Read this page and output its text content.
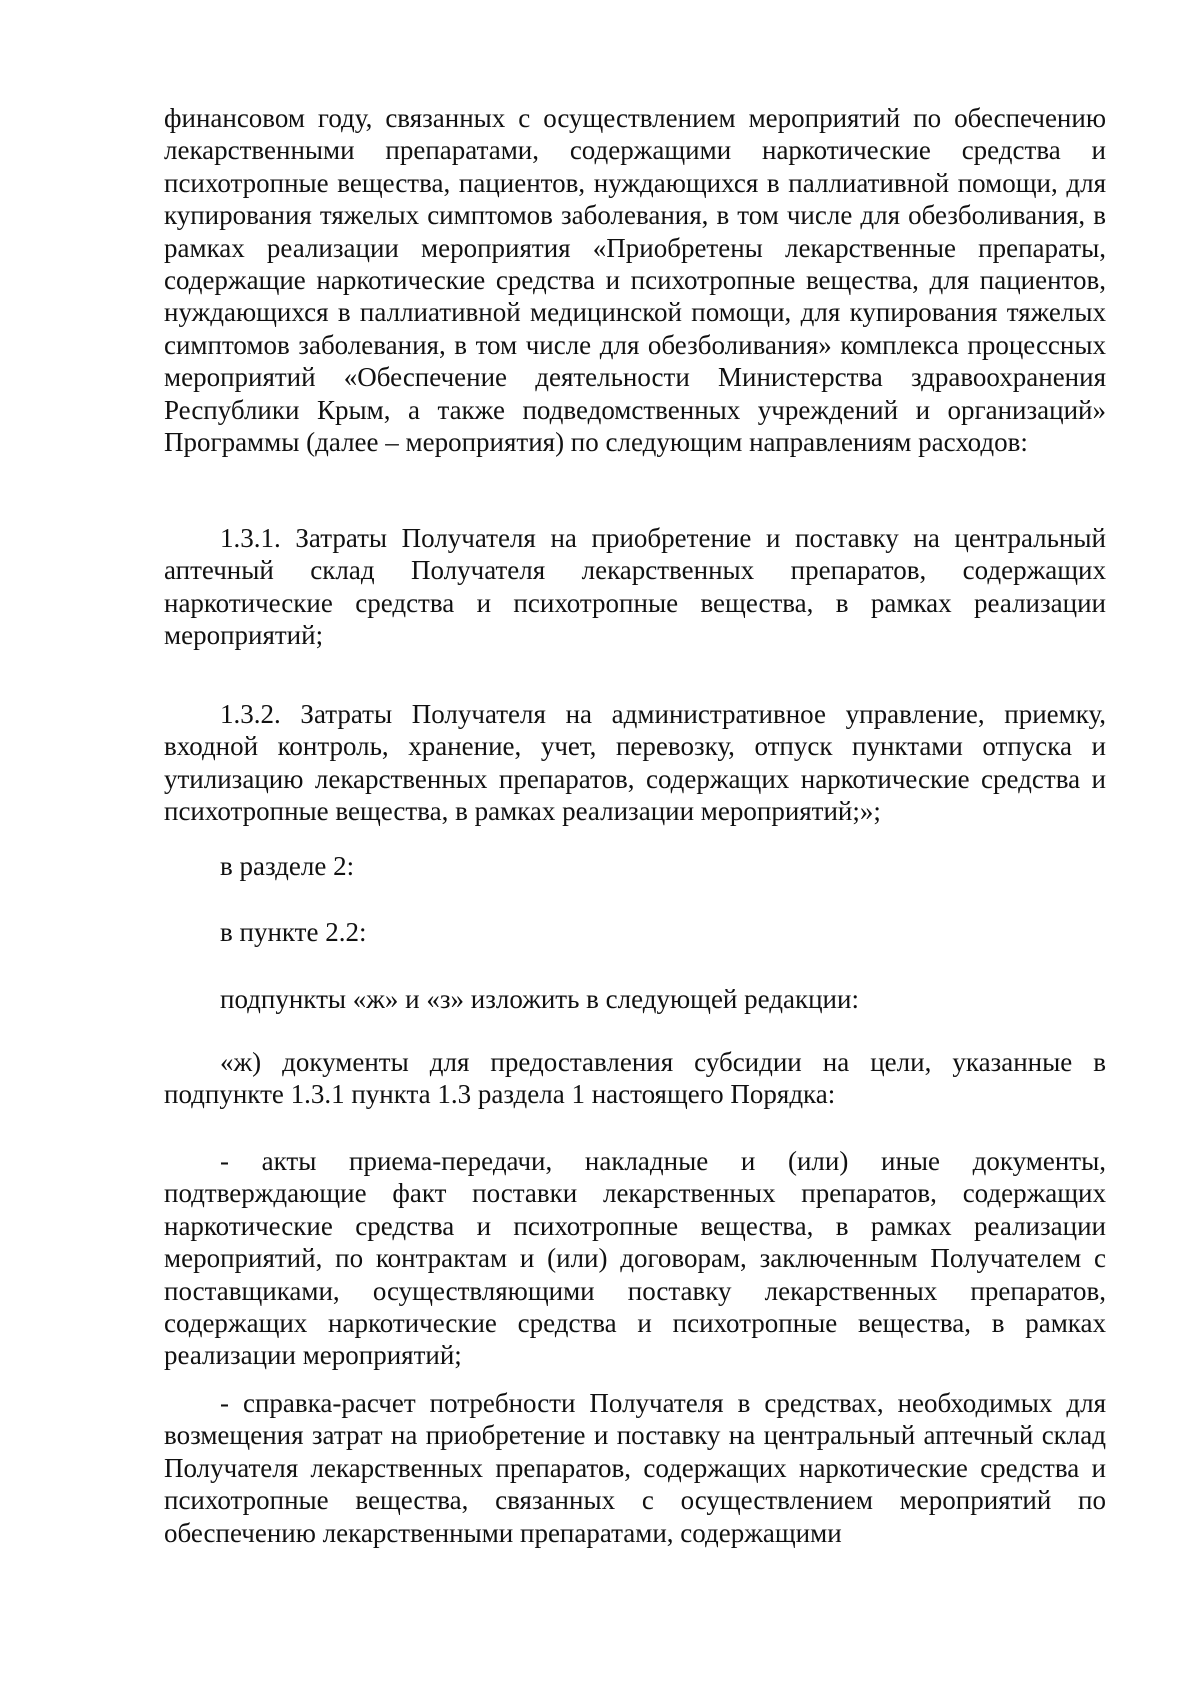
финансовом году, связанных с осуществлением мероприятий по обеспечению лекарственными препаратами, содержащими наркотические средства и психотропные вещества, пациентов, нуждающихся в паллиативной помощи, для купирования тяжелых симптомов заболевания, в том числе для обезболивания, в рамках реализации мероприятия «Приобретены лекарственные препараты, содержащие наркотические средства и психотропные вещества, для пациентов, нуждающихся в паллиативной медицинской помощи, для купирования тяжелых симптомов заболевания, в том числе для обезболивания» комплекса процессных мероприятий «Обеспечение деятельности Министерства здравоохранения Республики Крым, а также подведомственных учреждений и организаций» Программы (далее – мероприятия) по следующим направлениям расходов:

1.3.1. Затраты Получателя на приобретение и поставку на центральный аптечный склад Получателя лекарственных препаратов, содержащих наркотические средства и психотропные вещества, в рамках реализации мероприятий;

1.3.2. Затраты Получателя на административное управление, приемку, входной контроль, хранение, учет, перевозку, отпуск пунктами отпуска и утилизацию лекарственных препаратов, содержащих наркотические средства и психотропные вещества, в рамках реализации мероприятий;»;

в разделе 2:

в пункте 2.2:

подпункты «ж» и «з» изложить в следующей редакции:

«ж) документы для предоставления субсидии на цели, указанные в подпункте 1.3.1 пункта 1.3 раздела 1 настоящего Порядка:

- акты приема-передачи, накладные и (или) иные документы, подтверждающие факт поставки лекарственных препаратов, содержащих наркотические средства и психотропные вещества, в рамках реализации мероприятий, по контрактам и (или) договорам, заключенным Получателем с поставщиками, осуществляющими поставку лекарственных препаратов, содержащих наркотические средства и психотропные вещества, в рамках реализации мероприятий;

- справка-расчет потребности Получателя в средствах, необходимых для возмещения затрат на приобретение и поставку на центральный аптечный склад Получателя лекарственных препаратов, содержащих наркотические средства и психотропные вещества, связанных с осуществлением мероприятий по обеспечению лекарственными препаратами, содержащими
